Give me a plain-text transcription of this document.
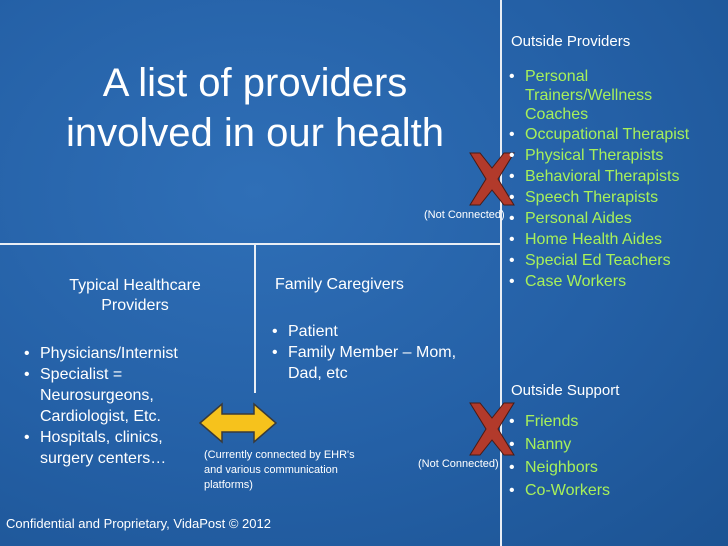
A list of providers involved in our health
Typical Healthcare Providers
• Physicians/Internist
• Specialist = Neurosurgeons, Cardiologist, Etc.
• Hospitals, clinics, surgery centers…
Family Caregivers
• Patient
• Family Member – Mom, Dad, etc
(Currently connected by EHR's and various communication platforms)
(Not Connected)
(Not Connected)
Outside Providers
• Personal Trainers/Wellness Coaches
• Occupational Therapist
• Physical Therapists
• Behavioral Therapists
• Speech Therapists
• Personal Aides
• Home Health Aides
• Special Ed Teachers
• Case Workers
Outside Support
• Friends
• Nanny
• Neighbors
• Co-Workers
Confidential and Proprietary, VidaPost © 2012
